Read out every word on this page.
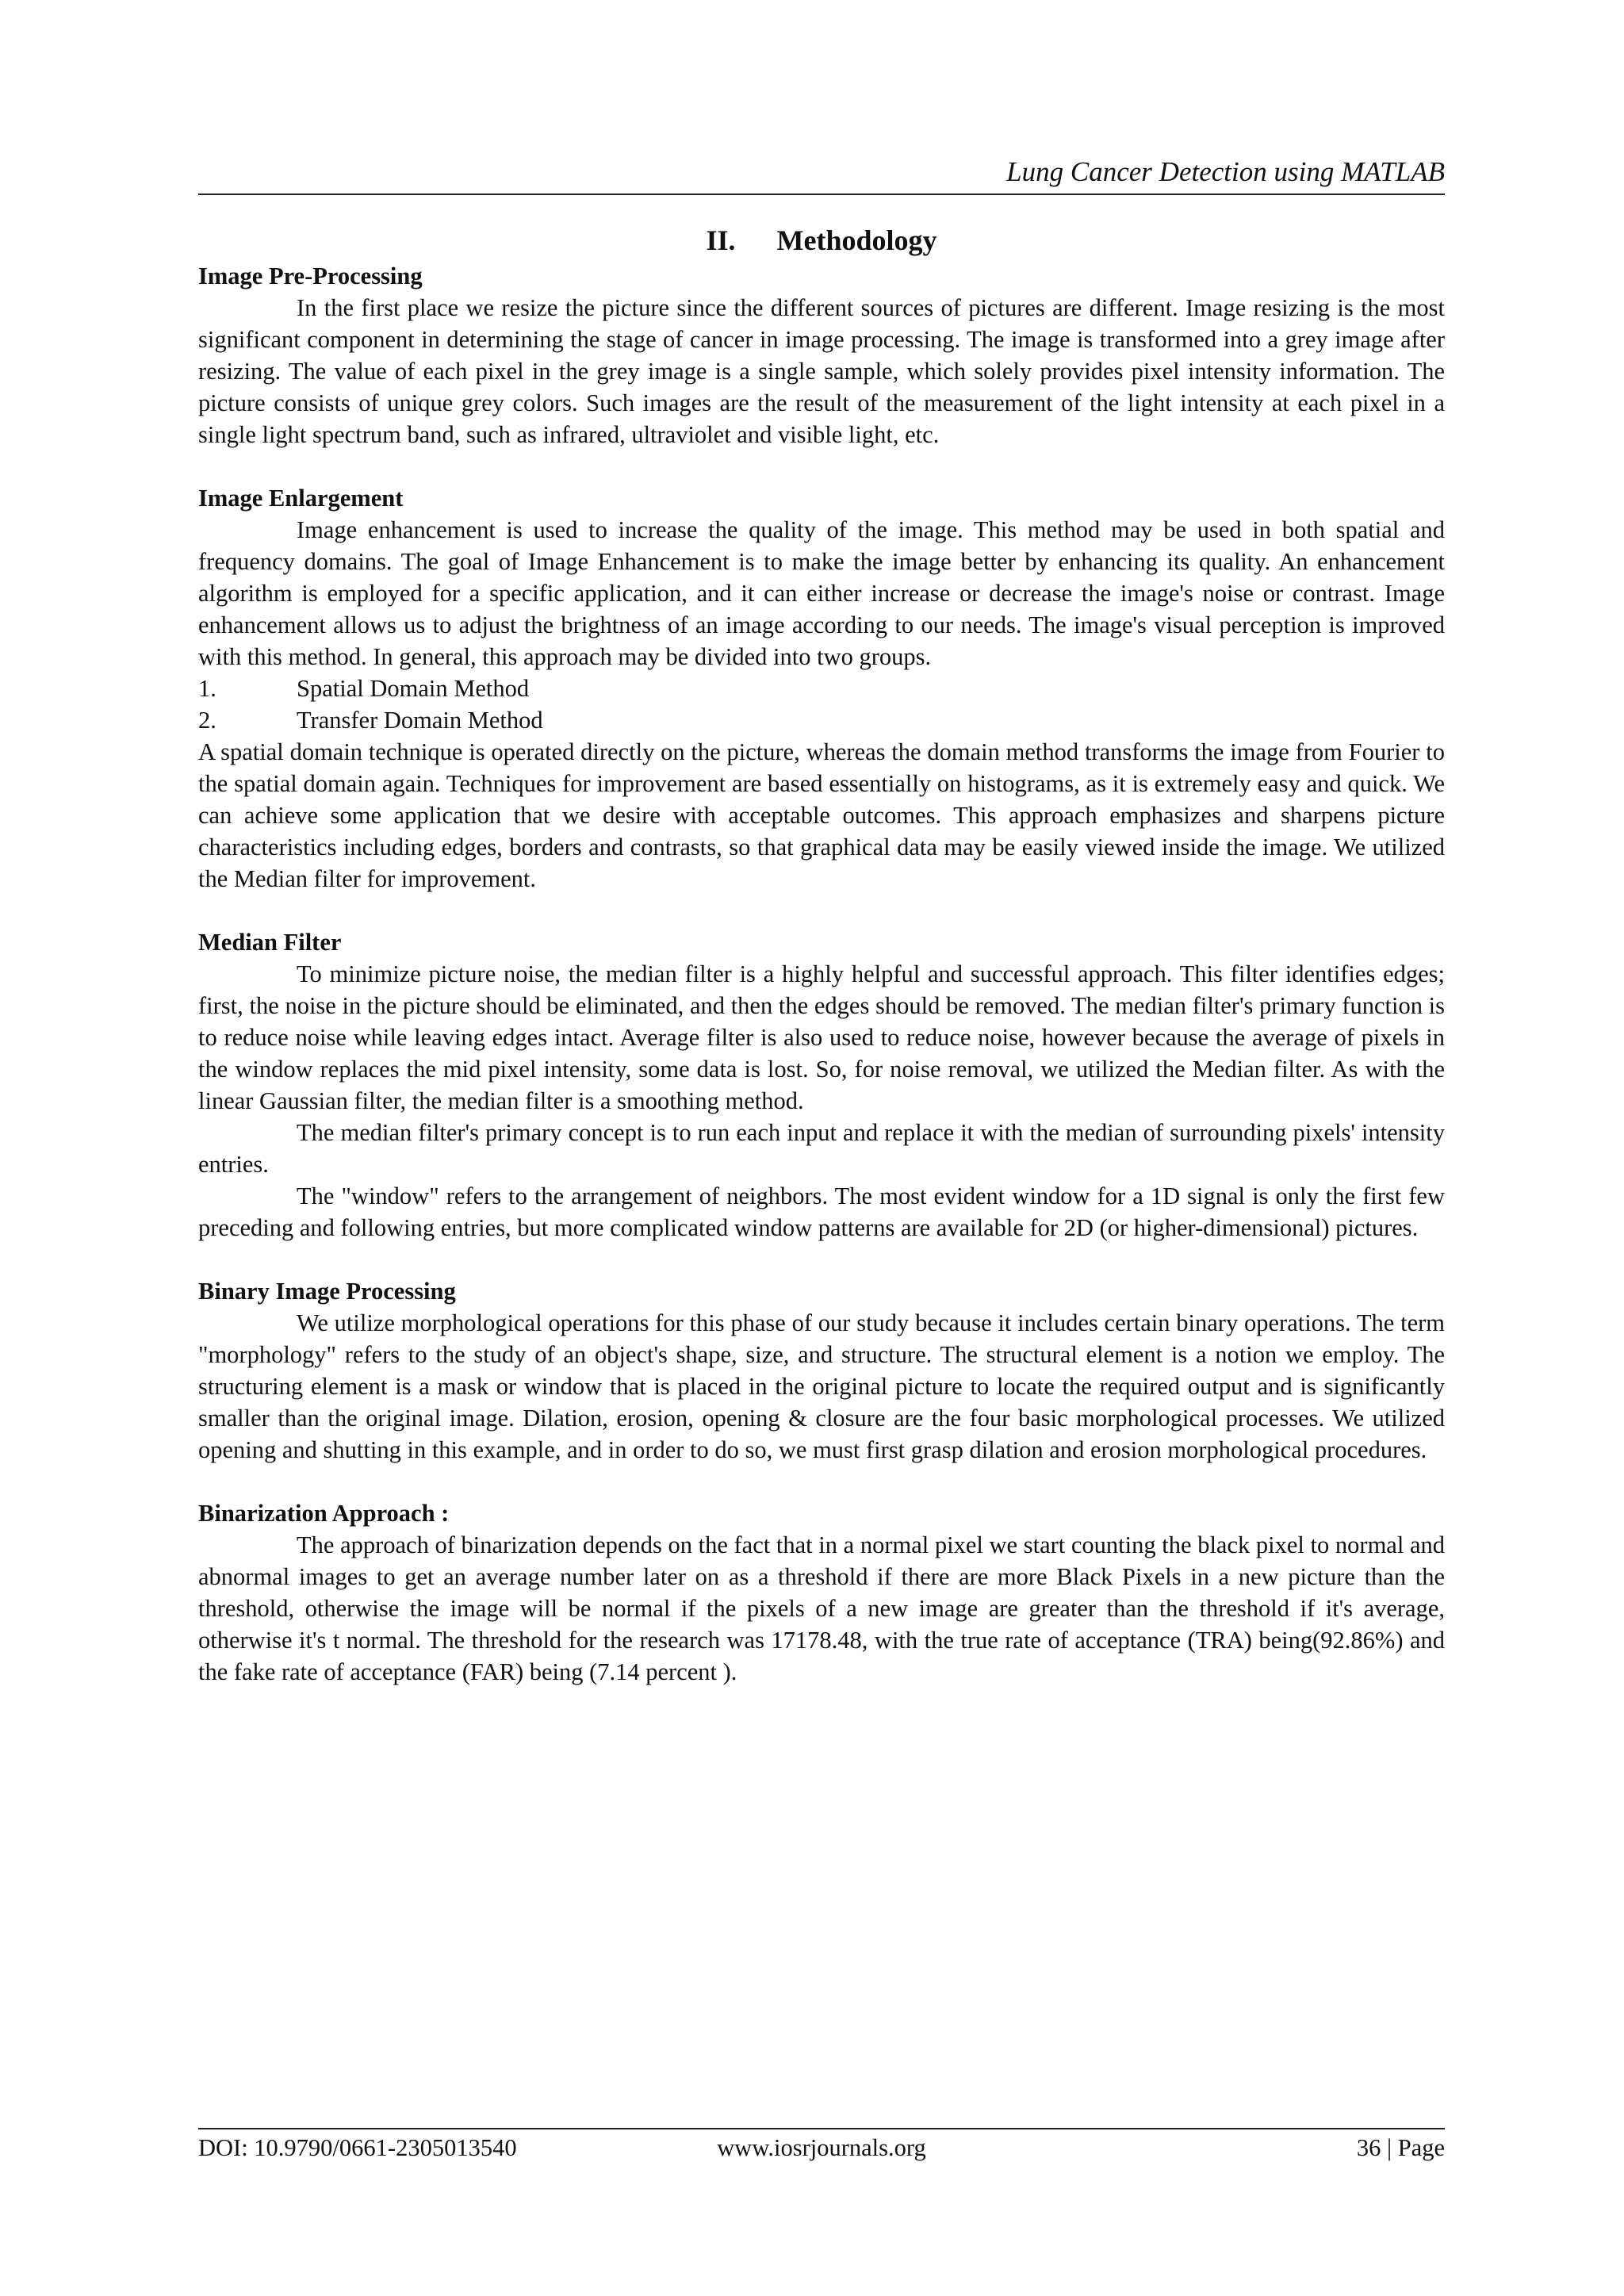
Lung Cancer Detection using MATLAB
II. Methodology

Image Pre-Processing

In the first place we resize the picture since the different sources of pictures are different. Image resizing is the most significant component in determining the stage of cancer in image processing. The image is transformed into a grey image after resizing. The value of each pixel in the grey image is a single sample, which solely provides pixel intensity information. The picture consists of unique grey colors. Such images are the result of the measurement of the light intensity at each pixel in a single light spectrum band, such as infrared, ultraviolet and visible light, etc.

Image Enlargement

Image enhancement is used to increase the quality of the image. This method may be used in both spatial and frequency domains. The goal of Image Enhancement is to make the image better by enhancing its quality. An enhancement algorithm is employed for a specific application, and it can either increase or decrease the image's noise or contrast. Image enhancement allows us to adjust the brightness of an image according to our needs. The image's visual perception is improved with this method. In general, this approach may be divided into two groups.

1.	Spatial Domain Method
2.	Transfer Domain Method

A spatial domain technique is operated directly on the picture, whereas the domain method transforms the image from Fourier to the spatial domain again. Techniques for improvement are based essentially on histograms, as it is extremely easy and quick. We can achieve some application that we desire with acceptable outcomes. This approach emphasizes and sharpens picture characteristics including edges, borders and contrasts, so that graphical data may be easily viewed inside the image. We utilized the Median filter for improvement.

Median Filter

To minimize picture noise, the median filter is a highly helpful and successful approach. This filter identifies edges; first, the noise in the picture should be eliminated, and then the edges should be removed. The median filter's primary function is to reduce noise while leaving edges intact. Average filter is also used to reduce noise, however because the average of pixels in the window replaces the mid pixel intensity, some data is lost. So, for noise removal, we utilized the Median filter. As with the linear Gaussian filter, the median filter is a smoothing method.

The median filter's primary concept is to run each input and replace it with the median of surrounding pixels' intensity entries.

The "window" refers to the arrangement of neighbors. The most evident window for a 1D signal is only the first few preceding and following entries, but more complicated window patterns are available for 2D (or higher-dimensional) pictures.

Binary Image Processing

We utilize morphological operations for this phase of our study because it includes certain binary operations. The term "morphology" refers to the study of an object's shape, size, and structure. The structural element is a notion we employ. The structuring element is a mask or window that is placed in the original picture to locate the required output and is significantly smaller than the original image. Dilation, erosion, opening & closure are the four basic morphological processes. We utilized opening and shutting in this example, and in order to do so, we must first grasp dilation and erosion morphological procedures.

Binarization Approach :

The approach of binarization depends on the fact that in a normal pixel we start counting the black pixel to normal and abnormal images to get an average number later on as a threshold if there are more Black Pixels in a new picture than the threshold, otherwise the image will be normal if the pixels of a new image are greater than the threshold if it's average, otherwise it's t normal. The threshold for the research was 17178.48, with the true rate of acceptance (TRA) being(92.86%) and the fake rate of acceptance (FAR) being (7.14 percent ).

DOI: 10.9790/0661-2305013540	www.iosrjournals.org	36 | Page
